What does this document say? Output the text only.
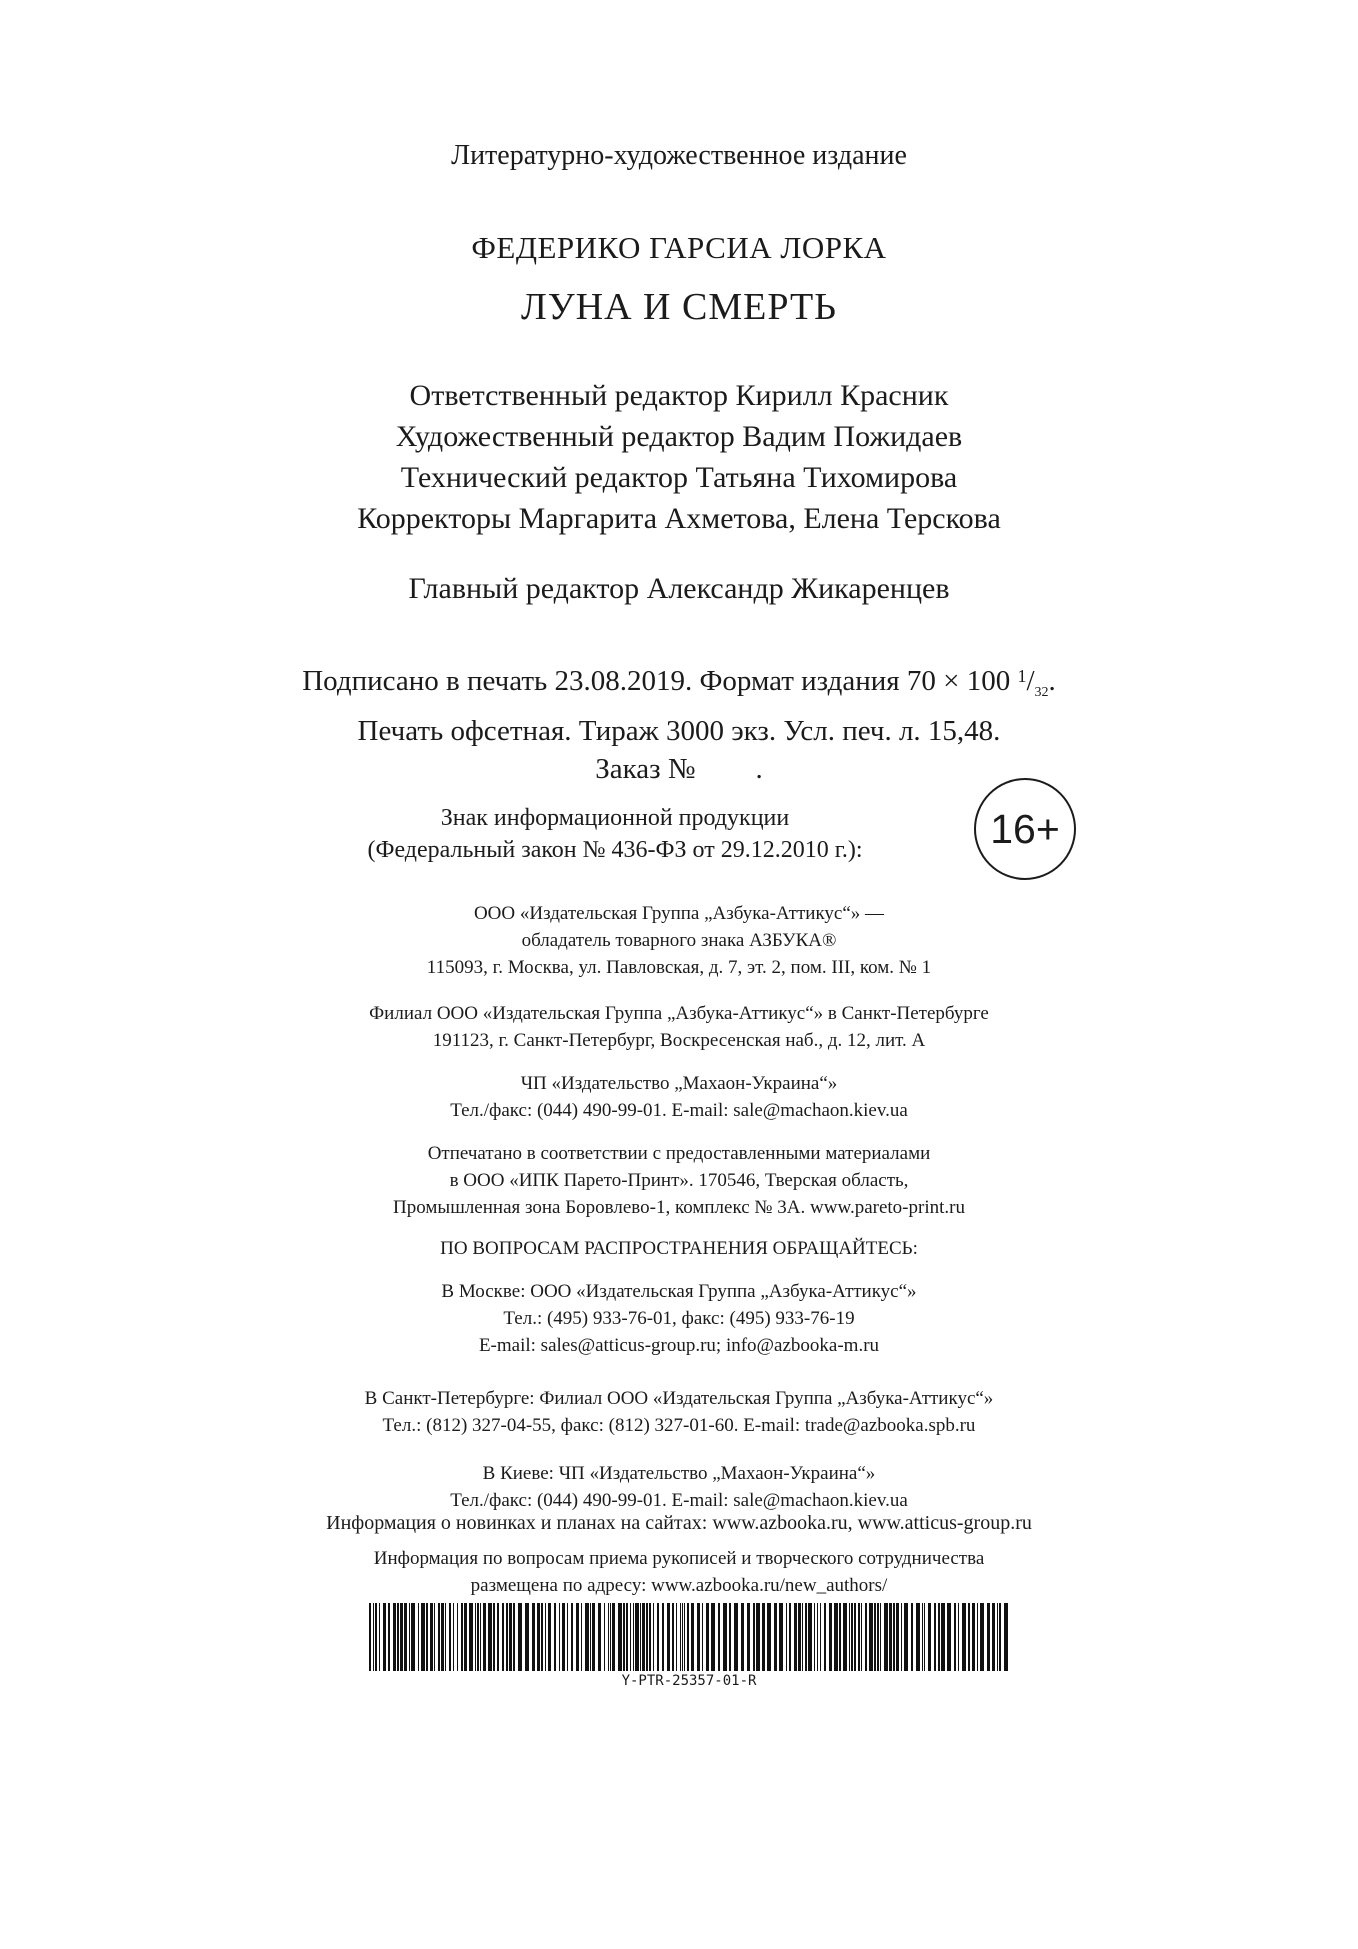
Литературно-художественное издание
ФЕДЕРИКО ГАРСИА ЛОРКА
ЛУНА И СМЕРТЬ
Ответственный редактор Кирилл Красник
Художественный редактор Вадим Пожидаев
Технический редактор Татьяна Тихомирова
Корректоры Маргарита Ахметова, Елена Терскова
Главный редактор Александр Жикаренцев
Подписано в печать 23.08.2019. Формат издания 70 × 100 $^1/_{32}$.
Печать офсетная. Тираж 3000 экз. Усл. печ. л. 15,48.
Заказ № .
Знак информационной продукции
(Федеральный закон № 436-ФЗ от 29.12.2010 г.):	16+
ООО «Издательская Группа „Азбука-Аттикус“» —
обладатель товарного знака АЗБУКА®
115093, г. Москва, ул. Павловская, д. 7, эт. 2, пом. III, ком. № 1
Филиал ООО «Издательская Группа „Азбука-Аттикус“» в Санкт-Петербурге
191123, г. Санкт-Петербург, Воскресенская наб., д. 12, лит. А
ЧП «Издательство „Махаон-Украина“»
Тел./факс: (044) 490-99-01. E-mail: sale@machaon.kiev.ua
Отпечатано в соответствии с предоставленными материалами
в ООО «ИПК Парето-Принт». 170546, Тверская область,
Промышленная зона Боровлево-1, комплекс № 3А. www.pareto-print.ru
ПО ВОПРОСАМ РАСПРОСТРАНЕНИЯ ОБРАЩАЙТЕСЬ:
В Москве: ООО «Издательская Группа „Азбука-Аттикус“»
Тел.: (495) 933-76-01, факс: (495) 933-76-19
E-mail: sales@atticus-group.ru; info@azbooka-m.ru
В Санкт-Петербурге: Филиал ООО «Издательская Группа „Азбука-Аттикус“»
Тел.: (812) 327-04-55, факс: (812) 327-01-60. E-mail: trade@azbooka.spb.ru
В Киеве: ЧП «Издательство „Махаон-Украина“»
Тел./факс: (044) 490-99-01. E-mail: sale@machaon.kiev.ua
Информация о новинках и планах на сайтах: www.azbooka.ru, www.atticus-group.ru
Информация по вопросам приема рукописей и творческого сотрудничества
размещена по адресу: www.azbooka.ru/new_authors/
Y-PTR-25357-01-R
